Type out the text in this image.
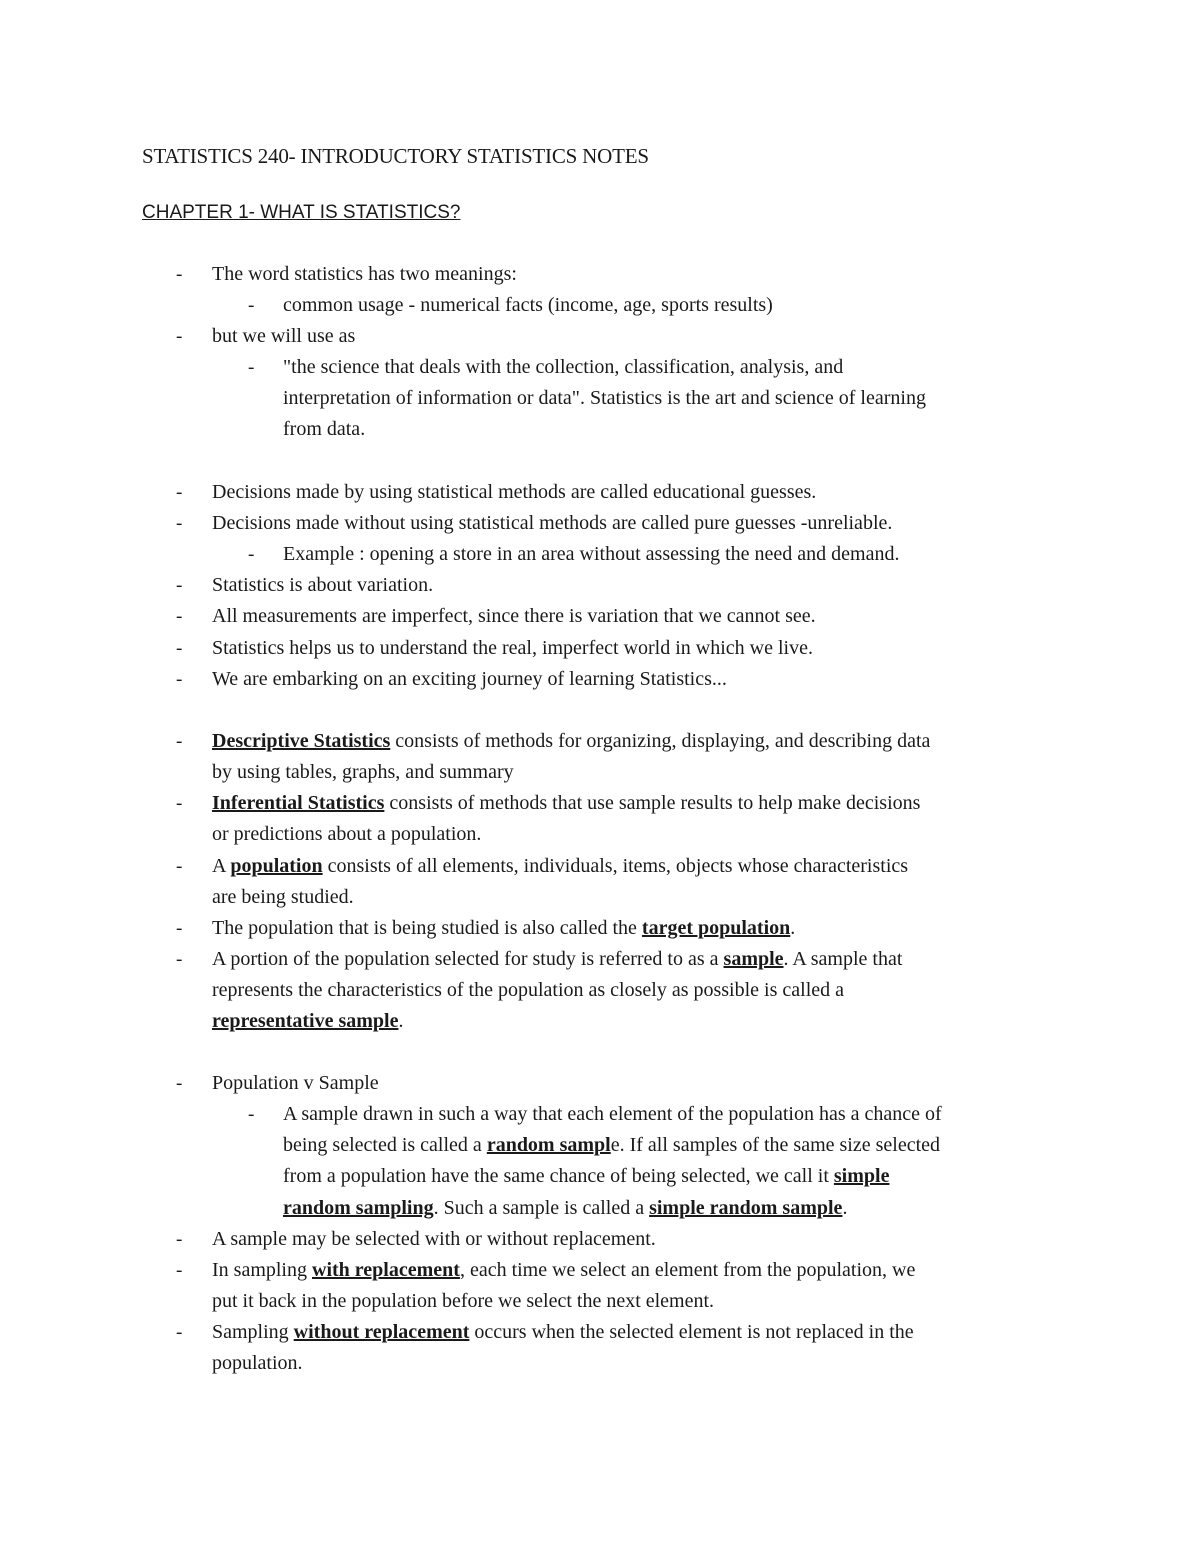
STATISTICS 240- INTRODUCTORY STATISTICS NOTES
CHAPTER 1- WHAT IS STATISTICS?
-	The word statistics has two meanings:
-	common usage - numerical facts (income, age, sports results)
-	but we will use as
-	"the science that deals with the collection, classification, analysis, and
interpretation of information or data". Statistics is the art and science of learning
from data.
-	Decisions made by using statistical methods are called educational guesses.
-	Decisions made without using statistical methods are called pure guesses -unreliable.
-	Example : opening a store in an area without assessing the need and demand.
-	Statistics is about variation.
-	All measurements are imperfect, since there is variation that we cannot see.
-	Statistics helps us to understand the real, imperfect world in which we live.
-	We are embarking on an exciting journey of learning Statistics...
-	Descriptive Statistics consists of methods for organizing, displaying, and describing data
by using tables, graphs, and summary
-	Inferential Statistics consists of methods that use sample results to help make decisions
or predictions about a population.
-	A population consists of all elements, individuals, items, objects whose characteristics
are being studied.
-	The population that is being studied is also called the target population.
-	A portion of the population selected for study is referred to as a sample. A sample that
represents the characteristics of the population as closely as possible is called a
representative sample.
-	Population v Sample
-	A sample drawn in such a way that each element of the population has a chance of
being selected is called a random sample. If all samples of the same size selected
from a population have the same chance of being selected, we call it simple
random sampling. Such a sample is called a simple random sample.
-	A sample may be selected with or without replacement.
-	In sampling with replacement, each time we select an element from the population, we
put it back in the population before we select the next element.
-	Sampling without replacement occurs when the selected element is not replaced in the
population.
